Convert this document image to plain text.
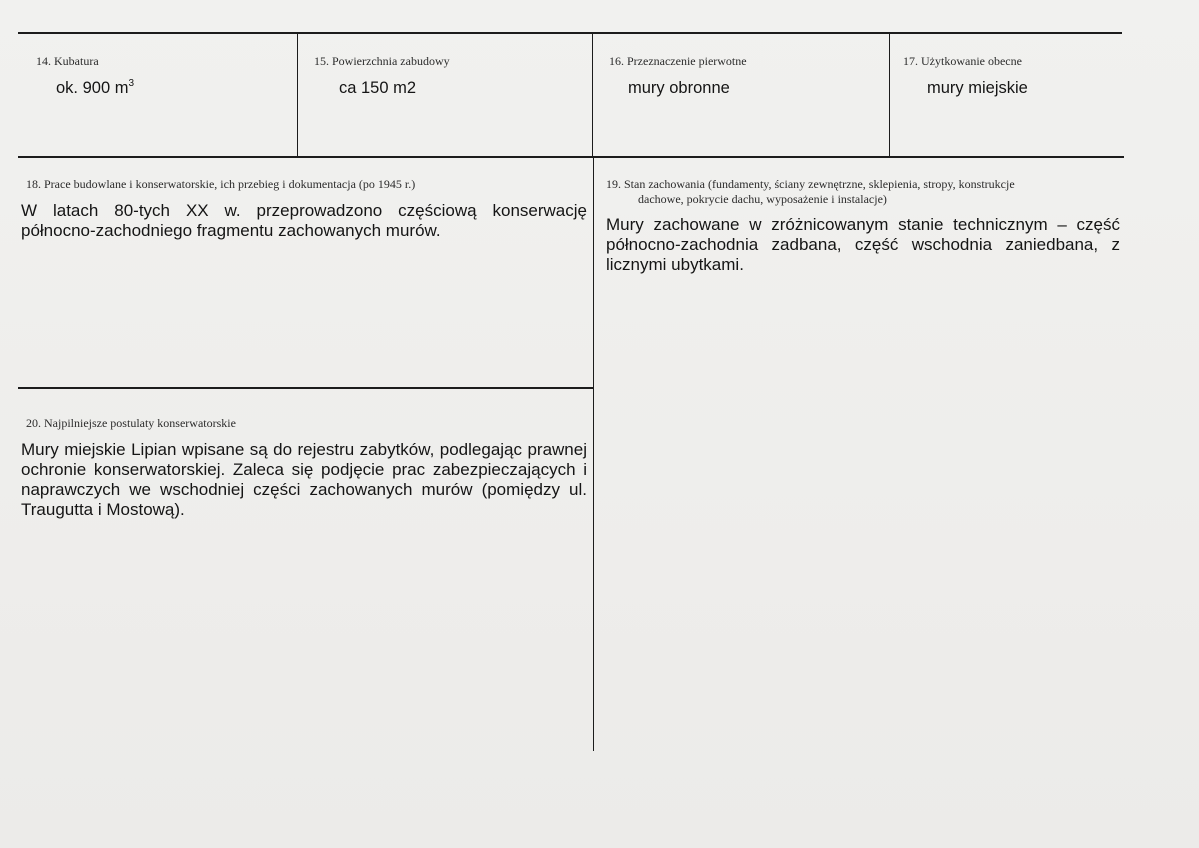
14. Kubatura
ok. 900 $m^3$
15. Powierzchnia zabudowy
ca 150 m2
16. Przeznaczenie pierwotne
mury obronne
17. Użytkowanie obecne
mury miejskie
18. Prace budowlane i konserwatorskie, ich przebieg i dokumentacja (po 1945 r.)
W latach 80-tych XX w. przeprowadzono częściową konserwację północno-zachodniego fragmentu zachowanych murów.
19. Stan zachowania (fundamenty, ściany zewnętrzne, sklepienia, stropy, konstrukcje
dachowe, pokrycie dachu, wyposażenie i instalacje)
Mury zachowane w zróżnicowanym stanie technicznym – część północno-zachodnia zadbana, część wschodnia zaniedbana, z licznymi ubytkami.
20. Najpilniejsze postulaty konserwatorskie
Mury miejskie Lipian wpisane są do rejestru zabytków, podlegając prawnej ochronie konserwatorskiej. Zaleca się podjęcie prac zabezpieczających i naprawczych we wschodniej części zachowanych murów (pomiędzy ul. Traugutta i Mostową).
